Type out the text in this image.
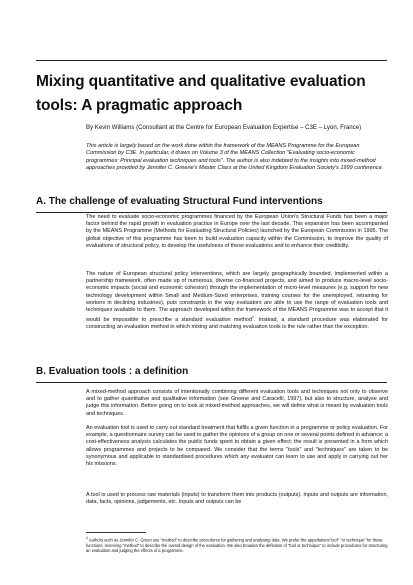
Mixing quantitative and qualitative evaluation
tools: A pragmatic approach
By Kevin Williams (Consultant at the Centre for European Evaluation Expertise – C3E – Lyon, France)
This article is largely based on the work done within the framework of the MEANS Programme for the European Commission by C3E. In particular, it draws on Volume 3 of the MEANS Collection "Evaluating socio-economic programmes: Principal evaluation techniques and tools". The author is also indebted to the insights into mixed-method approaches provided by Jennifer C. Greene's Master Class at the United Kingdom Evaluation Society's 1999 conference.
A. The challenge of evaluating Structural Fund interventions
The need to evaluate socio-economic programmes financed by the European Union's Structural Funds has been a major factor behind the rapid growth in evaluation practice in Europe over the last decade. This expansion has been accompanied by the MEANS Programme (Methods for Evaluating Structural Policies) launched by the European Commission in 1995. The global objective of this programme has been to build evaluation capacity within the Commission, to improve the quality of evaluations of structural policy, to develop the usefulness of these evaluations and to enhance their credibility.
The nature of European structural policy interventions, which are largely geographically bounded, implemented within a partnership framework, often made up of numerous, diverse co-financed projects, and aimed to produce macro-level socio-economic impacts (social and economic cohesion) through the implementation of micro-level measures (e.g. support for new technology development within Small and Medium-Sized enterprises, training courses for the unemployed, retraining for workers in declining industries), puts constraints in the way evaluators are able to use the range of evaluation tools and techniques available to them. The approach developed within the framework of the MEANS Programme was to accept that it would be impossible to prescribe a standard evaluation method$^1$. Instead, a standard procedure was elaborated for constructing an evaluation method in which mixing and matching evaluation tools is the rule rather than the exception.
B. Evaluation tools : a definition
A mixed-method approach consists of intentionally combining different evaluation tools and techniques not only to observe and to gather quantitative and qualitative information (see Greene and Caracelli, 1997), but also to structure, analyse and judge this information. Before going on to look at mixed-method approaches, we will define what is meant by evaluation tools and techniques.
An evaluation tool is used to carry out standard treatment that fulfils a given function in a programme or policy evaluation. For example, a questionnaire survey can be used to gather the opinions of a group on one or several points defined in advance; a cost-effectiveness analysis calculates the public funds spent to obtain a given effect; the result is presented in a form which allows programmes and projects to be compared. We consider that the terms "tools" and "techniques" are taken to be synonymous and applicable to standardised procedures which any evaluator can learn to use and apply in carrying out her his missions.
A tool is used to process raw materials (inputs) to transform them into products (outputs). Inputs and outputs are information, data, facts, opinions, judgements, etc. Inputs and outputs can be
$^1$ Authors such as Jennifer C. Green use "method" to describe procedures for gathering and analysing data. We prefer the appellations"tool" "or technique" for these functions, reserving "method" to describe the overall design of the evaluation. We also broaden the definition of "tool or technique" to include procedures for structuring an evaluation and judging the effects of a programme.
